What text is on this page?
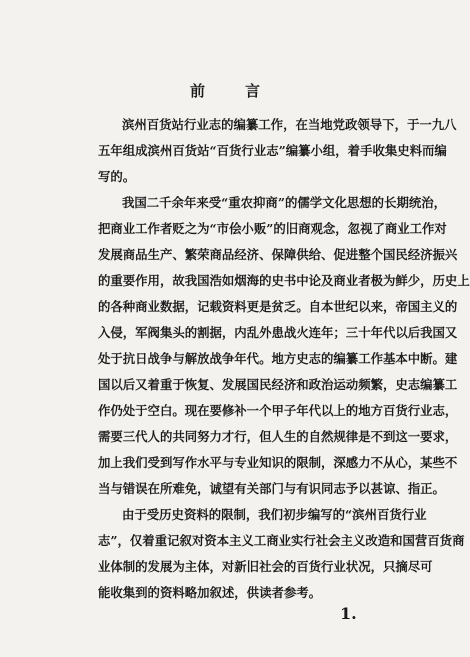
前言
滨州百货站行业志的编纂工作，在当地党政领导下，于一九八
五年组成滨州百货站“百货行业志”编纂小组，着手收集史料而编
写的。
我国二千余年来受“重农抑商”的儒学文化思想的长期统治，
把商业工作者贬之为“市侩小贩”的旧商观念，忽视了商业工作对
发展商品生产、繁荣商品经济、保障供给、促进整个国民经济振兴
的重要作用，故我国浩如烟海的史书中论及商业者极为鲜少，历史上
的各种商业数据，记载资料更是贫乏。自本世纪以来，帝国主义的
入侵，军阀集头的割据，内乱外患战火连年；三十年代以后我国又
处于抗日战争与解放战争年代。地方史志的编纂工作基本中断。建
国以后又着重于恢复、发展国民经济和政治运动频繁，史志编纂工
作仍处于空白。现在要修补一个甲子年代以上的地方百货行业志，
需要三代人的共同努力才行，但人生的自然规律是不到这一要求，
加上我们受到写作水平与专业知识的限制，深感力不从心，某些不
当与错误在所难免，诚望有关部门与有识同志予以甚谅、指正。
由于受历史资料的限制，我们初步编写的“滨州百货行业
志”，仅着重记叙对资本主义工商业实行社会主义改造和国营百货商
业体制的发展为主体，对新旧社会的百货行业状况，只摘尽可
能收集到的资料略加叙述，供读者参考。
1.
